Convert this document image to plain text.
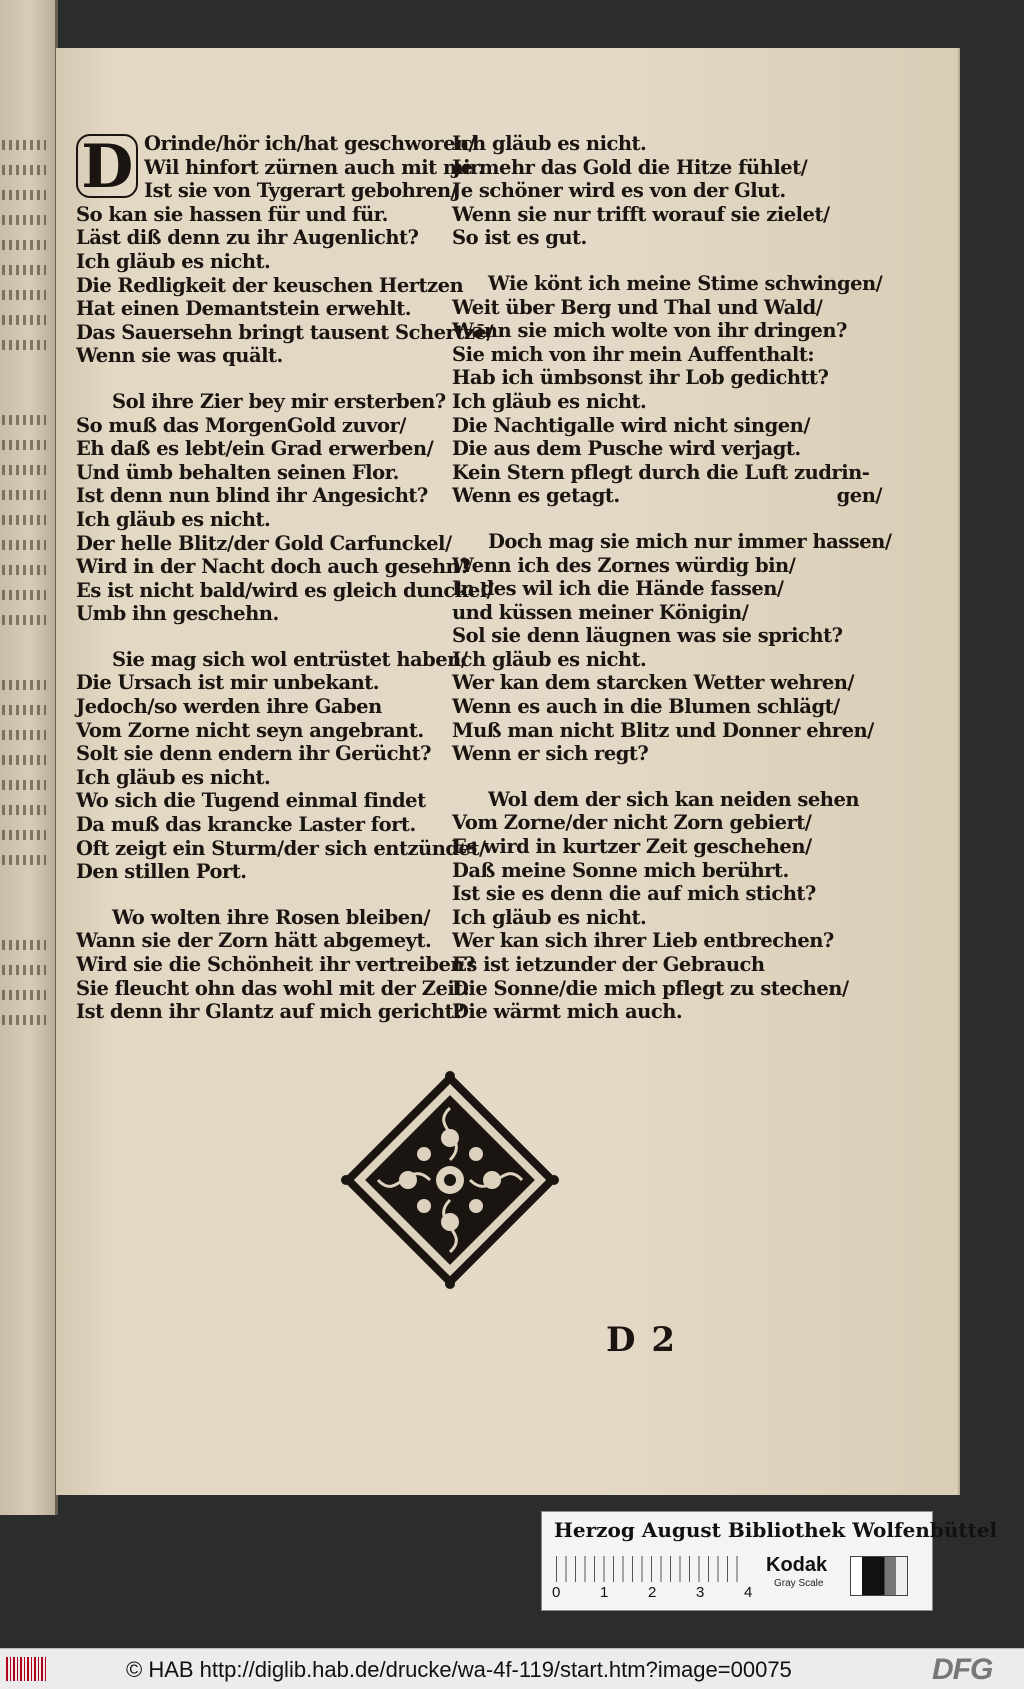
D Orinde/hör ich/hat geschworen/
Wil hinfort zürnen auch mit mir.
Ist sie von Tygerart gebohren/
So kan sie hassen für und für.
Läst diß denn zu ihr Augenlicht?
Ich gläub es nicht.
Die Redligkeit der keuschen Hertzen
Hat einen Demantstein erwehlt.
Das Sauersehn bringt tausent Schertzē/
Wenn sie was quält.
Sol ihre Zier bey mir ersterben?
So muß das MorgenGold zuvor/
Eh daß es lebt/ein Grad erwerben/
Und ümb behalten seinen Flor.
Ist denn nun blind ihr Angesicht?
Ich gläub es nicht.
Der helle Blitz/der Gold Carfunckel/
Wird in der Nacht doch auch gesehn?
Es ist nicht bald/wird es gleich dunckel/
Umb ihn geschehn.
Sie mag sich wol entrüstet haben/
Die Ursach ist mir unbekant.
Jedoch/so werden ihre Gaben
Vom Zorne nicht seyn angebrant.
Solt sie denn endern ihr Gerücht?
Ich gläub es nicht.
Wo sich die Tugend einmal findet
Da muß das krancke Laster fort.
Oft zeigt ein Sturm/der sich entzündet/
Den stillen Port.
Wo wolten ihre Rosen bleiben/
Wann sie der Zorn hätt abgemeyt.
Wird sie die Schönheit ihr vertreiben?
Sie fleucht ohn das wohl mit der Zeit.
Ist denn ihr Glantz auf mich gericht?
Ich gläub es nicht.
Je mehr das Gold die Hitze fühlet/
Je schöner wird es von der Glut.
Wenn sie nur trifft worauf sie zielet/
So ist es gut.
Wie könt ich meine Stime schwingen/
Weit über Berg und Thal und Wald/
Wann sie mich wolte von ihr dringen?
Sie mich von ihr mein Auffenthalt:
Hab ich ümbsonst ihr Lob gedichtt?
Ich gläub es nicht.
Die Nachtigalle wird nicht singen/
Die aus dem Pusche wird verjagt.
Kein Stern pflegt durch die Luft zudrin-
Wenn es getagt.	gen/
Doch mag sie mich nur immer hassen/
Wenn ich des Zornes würdig bin/
In des wil ich die Hände fassen/
und küssen meiner Königin/
Sol sie denn läugnen was sie spricht?
Ich gläub es nicht.
Wer kan dem starcken Wetter wehren/
Wenn es auch in die Blumen schlägt/
Muß man nicht Blitz und Donner ehren/
Wenn er sich regt?
Wol dem der sich kan neiden sehen
Vom Zorne/der nicht Zorn gebiert/
Es wird in kurtzer Zeit geschehen/
Daß meine Sonne mich berührt.
Ist sie es denn die auf mich sticht?
Ich gläub es nicht.
Wer kan sich ihrer Lieb entbrechen?
Es ist ietzunder der Gebrauch
Die Sonne/die mich pflegt zu stechen/
Die wärmt mich auch.
D 2
Herzog August Bibliothek Wolfenbüttel
0	1	2	3	4
Kodak
Gray Scale
© HAB http://diglib.hab.de/drucke/wa-4f-119/start.htm?image=00075	DFG
